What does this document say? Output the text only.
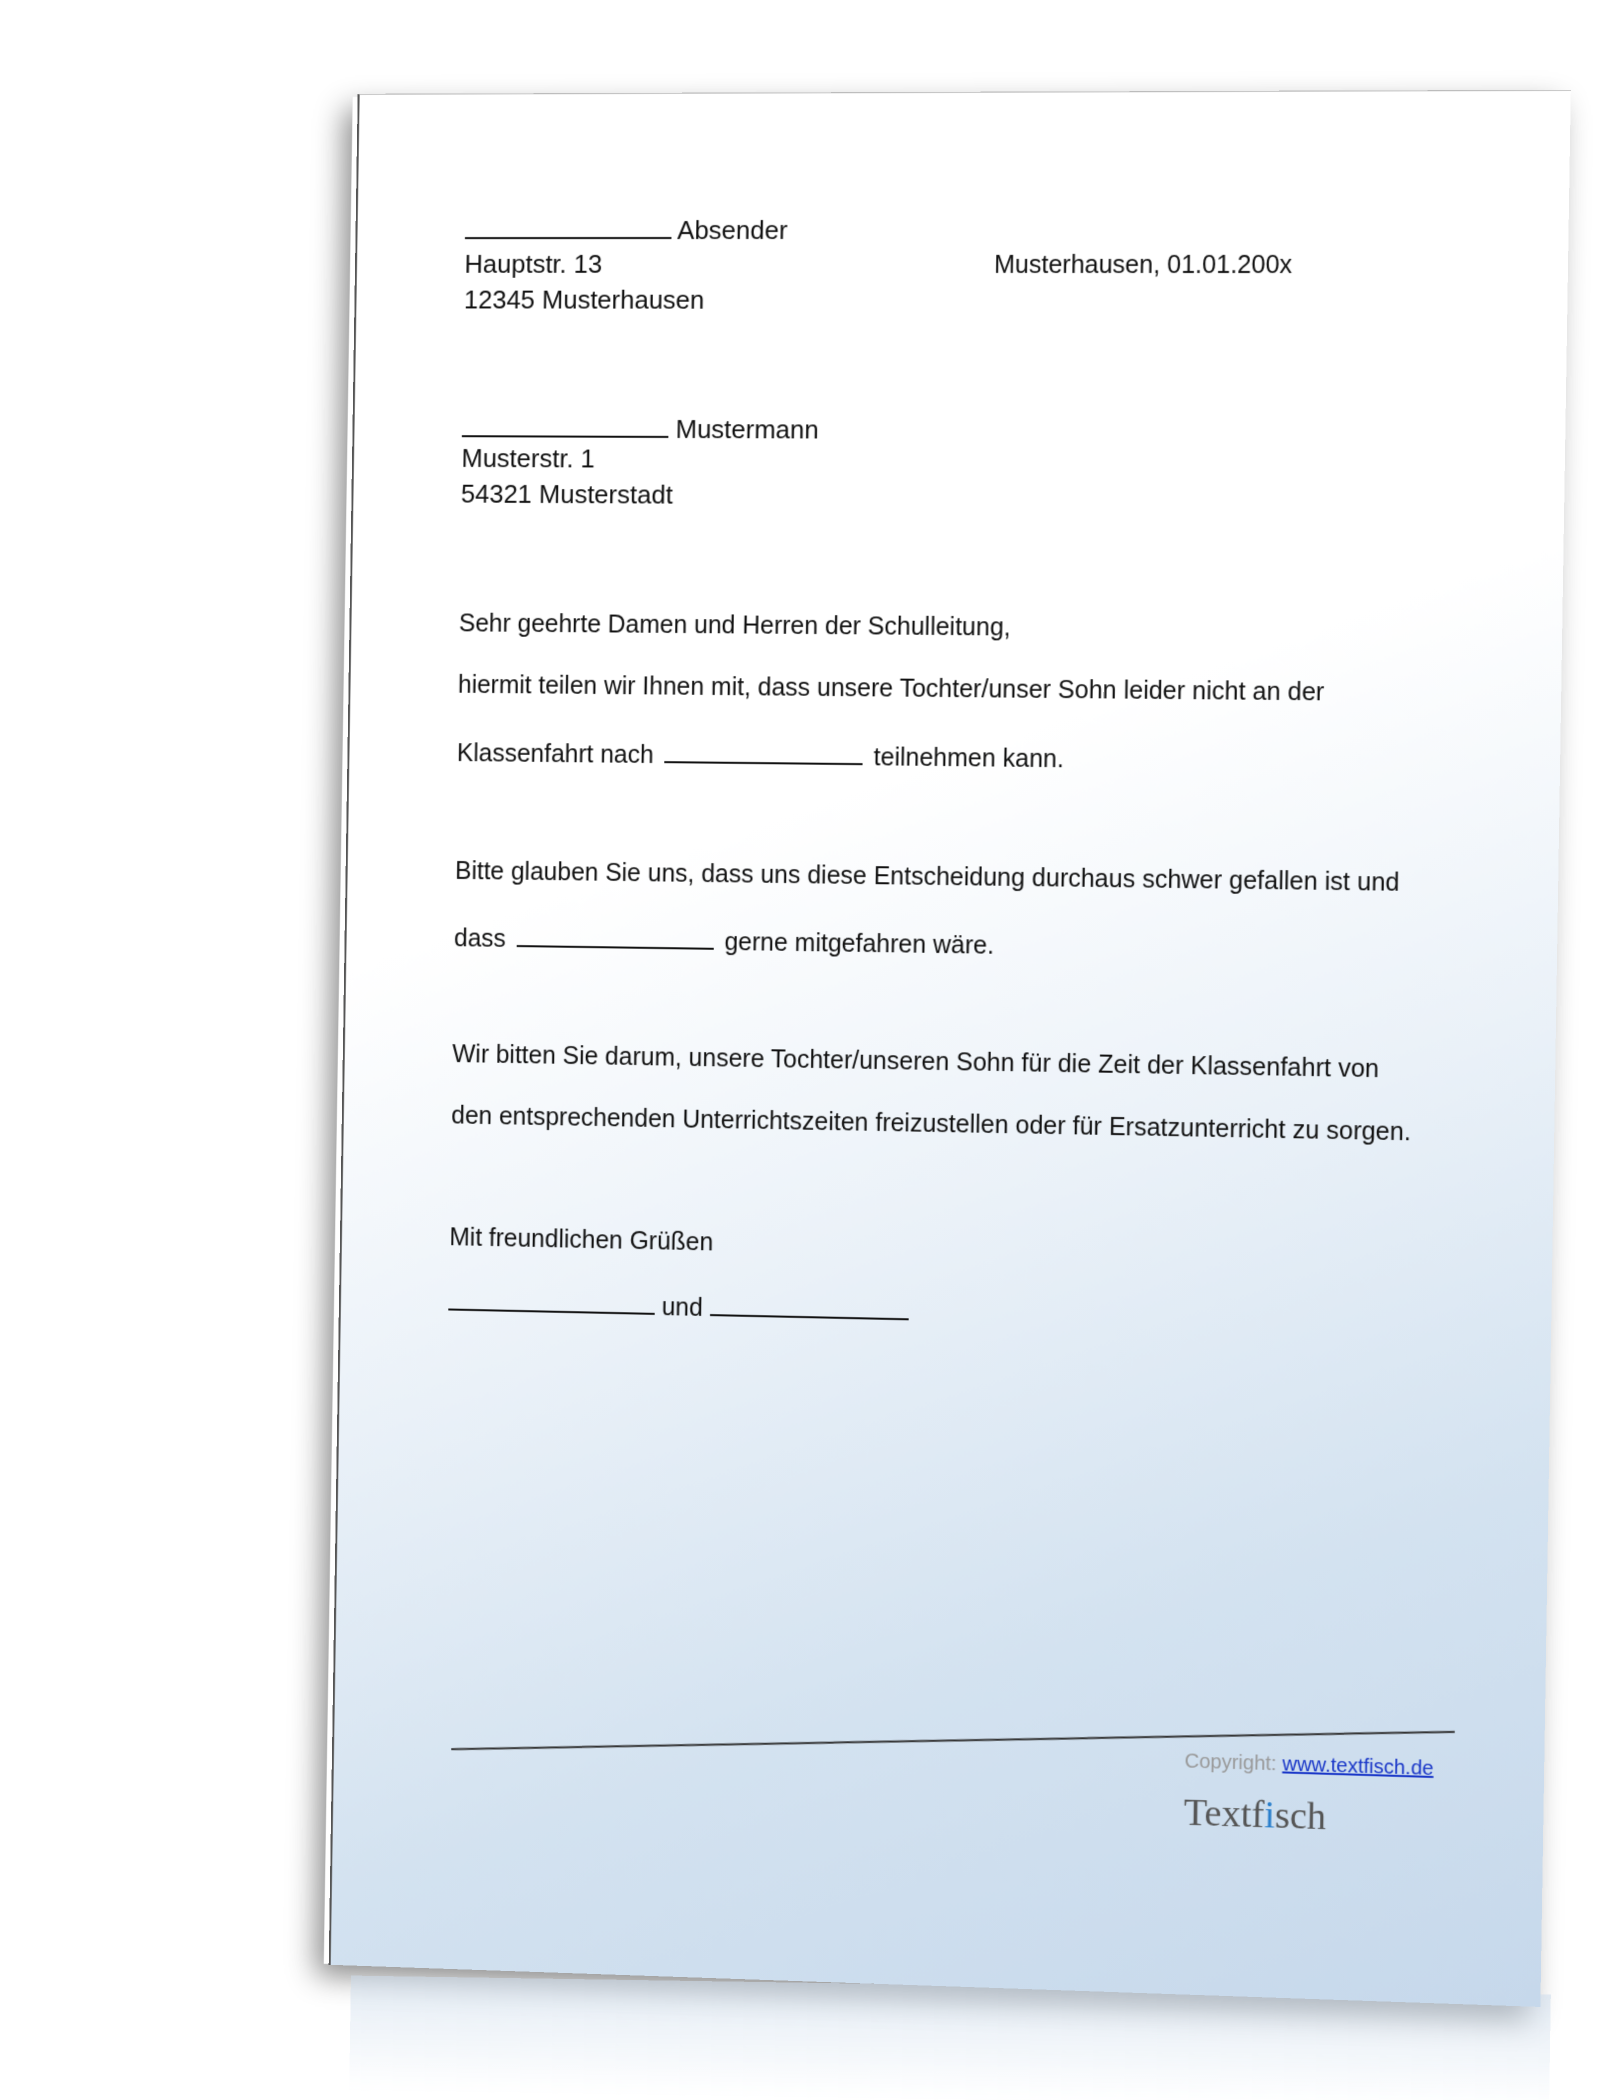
Absender
Hauptstr. 13
12345 Musterhausen
Musterhausen, 01.01.200x
Mustermann
Musterstr. 1
54321 Musterstadt
Sehr geehrte Damen und Herren der Schulleitung,
hiermit teilen wir Ihnen mit, dass unsere Tochter/unser Sohn leider nicht an der
Klassenfahrt nach	teilnehmen kann.
Bitte glauben Sie uns, dass uns diese Entscheidung durchaus schwer gefallen ist und
dass	gerne mitgefahren wäre.
Wir bitten Sie darum, unsere Tochter/unseren Sohn für die Zeit der Klassenfahrt von
den entsprechenden Unterrichtszeiten freizustellen oder für Ersatzunterricht zu sorgen.
Mit freundlichen Grüßen
und
Copyright: www.textfisch.de
Textfisch
